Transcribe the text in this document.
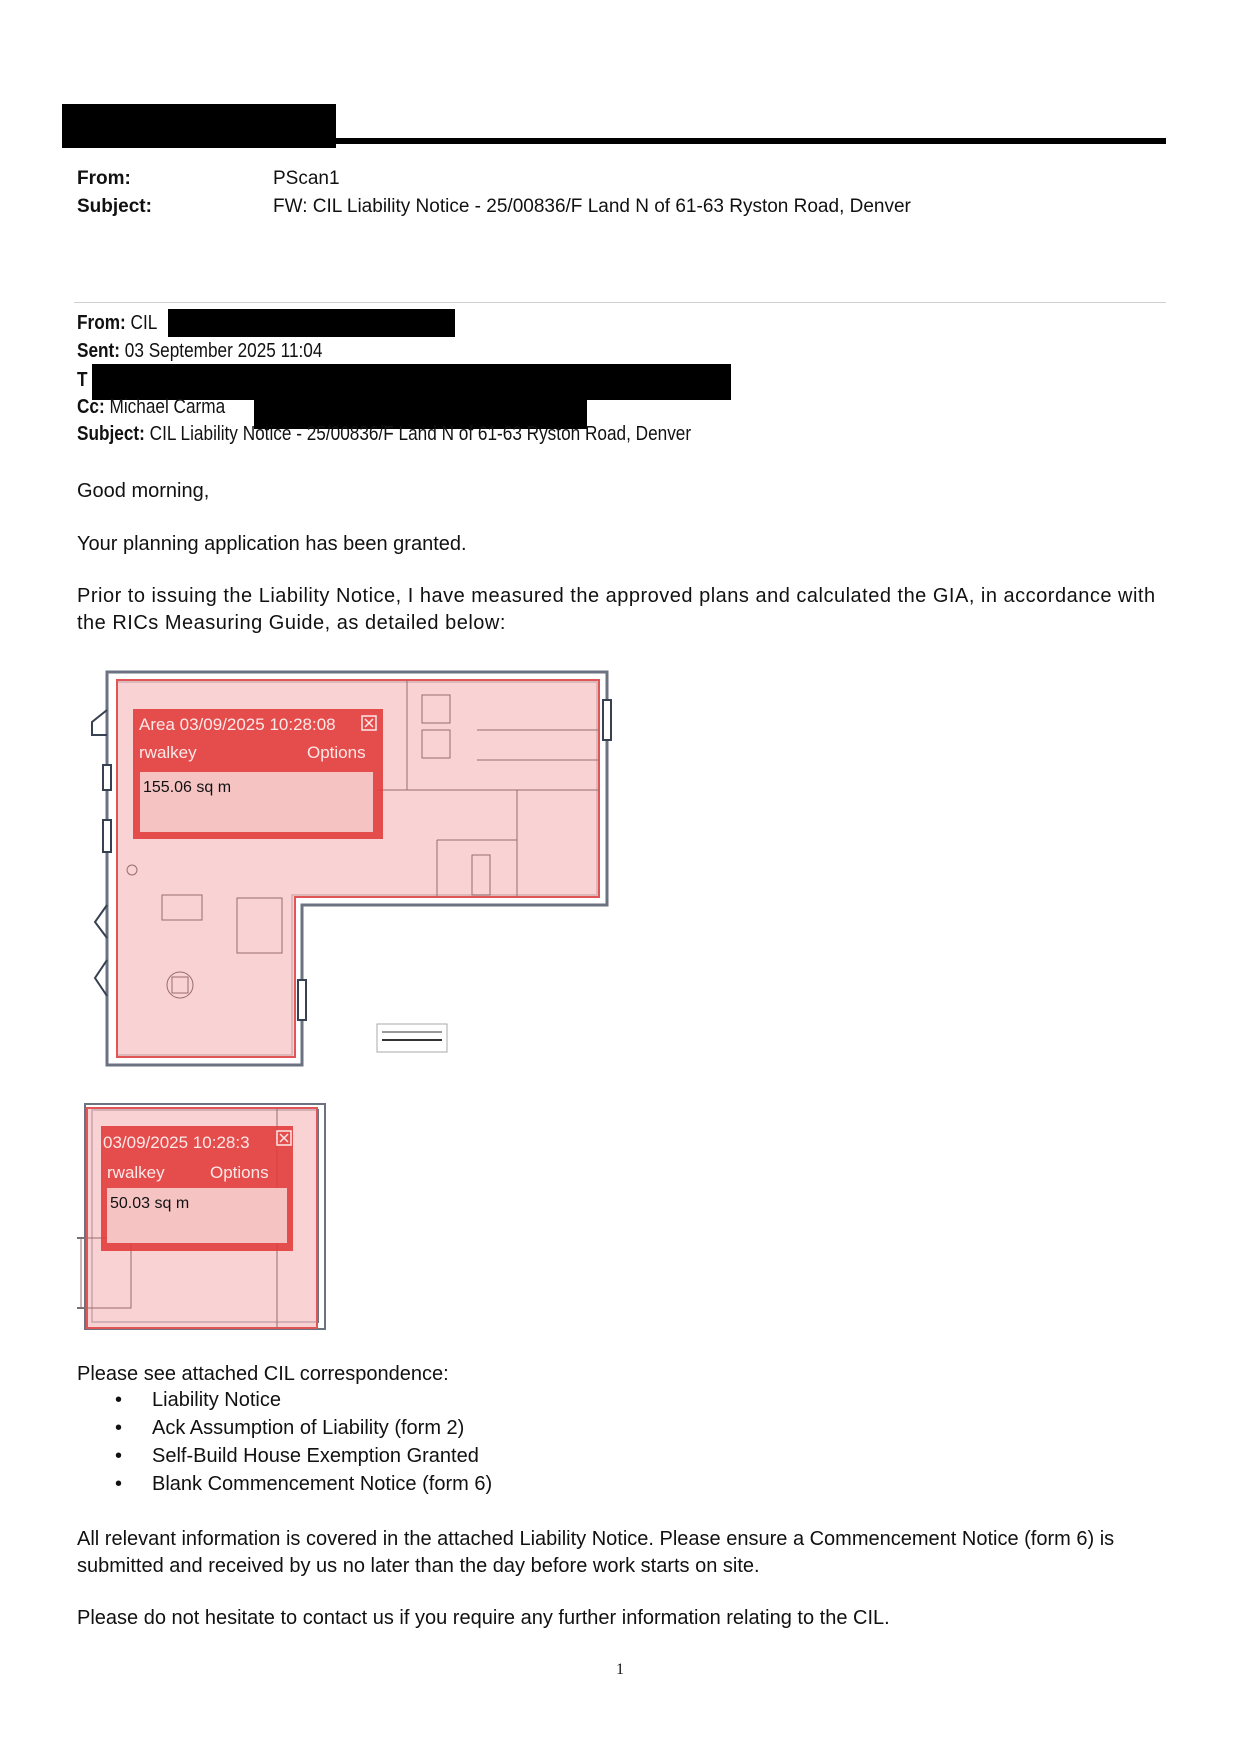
From:	PScan1
Subject:	FW: CIL Liability Notice - 25/00836/F Land N of 61-63 Ryston Road, Denver
From: CIL
Sent: 03 September 2025 11:04
T
Cc: Michael Carma
Subject: CIL Liability Notice - 25/00836/F Land N of 61-63 Ryston Road, Denver
Good morning,
Your planning application has been granted.
Prior to issuing the Liability Notice, I have measured the approved plans and calculated the GIA, in accordance with the RICs Measuring Guide, as detailed below:
Area 03/09/2025 10:28:08
rwalkey	Options
155.06 sq m
03/09/2025 10:28:3
rwalkey	Options
50.03 sq m
Please see attached CIL correspondence:
• Liability Notice
• Ack Assumption of Liability (form 2)
• Self-Build House Exemption Granted
• Blank Commencement Notice (form 6)
All relevant information is covered in the attached Liability Notice. Please ensure a Commencement Notice (form 6) is submitted and received by us no later than the day before work starts on site.
Please do not hesitate to contact us if you require any further information relating to the CIL.
1
